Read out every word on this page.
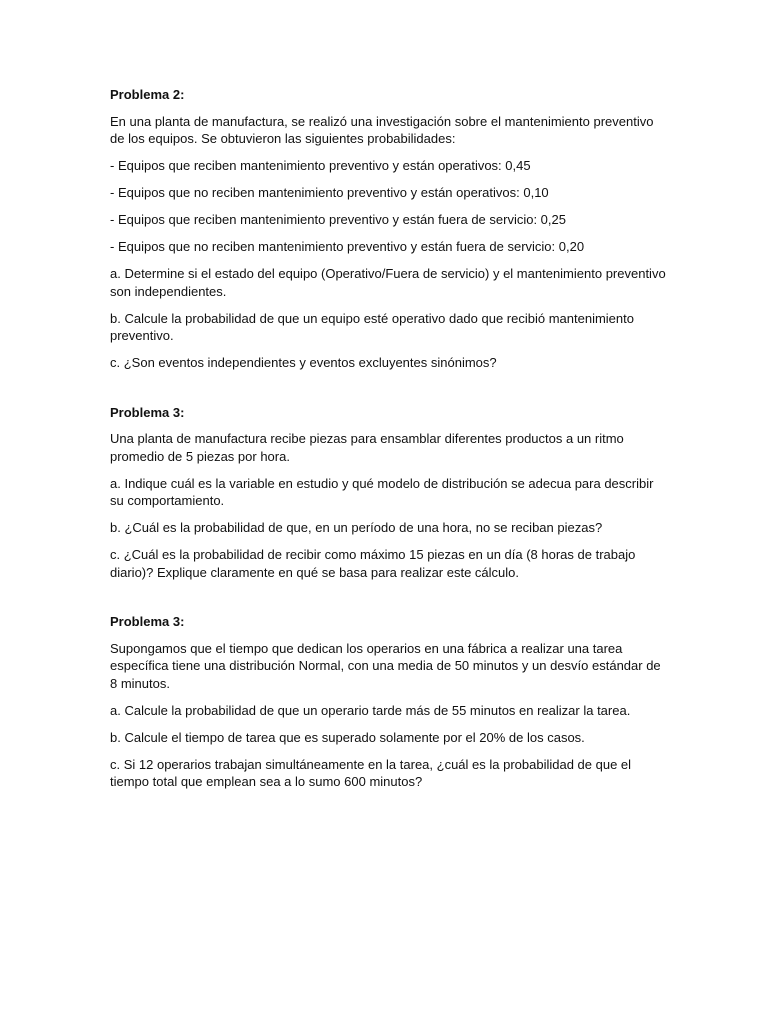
Problema 2:

En una planta de manufactura, se realizó una investigación sobre el mantenimiento preventivo de los equipos. Se obtuvieron las siguientes probabilidades:

- Equipos que reciben mantenimiento preventivo y están operativos: 0,45

- Equipos que no reciben mantenimiento preventivo y están operativos: 0,10

- Equipos que reciben mantenimiento preventivo y están fuera de servicio: 0,25

- Equipos que no reciben mantenimiento preventivo y están fuera de servicio: 0,20

a. Determine si el estado del equipo (Operativo/Fuera de servicio) y el mantenimiento preventivo son independientes.

b. Calcule la probabilidad de que un equipo esté operativo dado que recibió mantenimiento preventivo.

c. ¿Son eventos independientes y eventos excluyentes sinónimos?

Problema 3:

Una planta de manufactura recibe piezas para ensamblar diferentes productos a un ritmo promedio de 5 piezas por hora.

a. Indique cuál es la variable en estudio y qué modelo de distribución se adecua para describir su comportamiento.

b. ¿Cuál es la probabilidad de que, en un período de una hora, no se reciban piezas?

c. ¿Cuál es la probabilidad de recibir como máximo 15 piezas en un día (8 horas de trabajo diario)? Explique claramente en qué se basa para realizar este cálculo.

Problema 3:

Supongamos que el tiempo que dedican los operarios en una fábrica a realizar una tarea específica tiene una distribución Normal, con una media de 50 minutos y un desvío estándar de 8 minutos.

a. Calcule la probabilidad de que un operario tarde más de 55 minutos en realizar la tarea.

b. Calcule el tiempo de tarea que es superado solamente por el 20% de los casos.

c. Si 12 operarios trabajan simultáneamente en la tarea, ¿cuál es la probabilidad de que el tiempo total que emplean sea a lo sumo 600 minutos?
